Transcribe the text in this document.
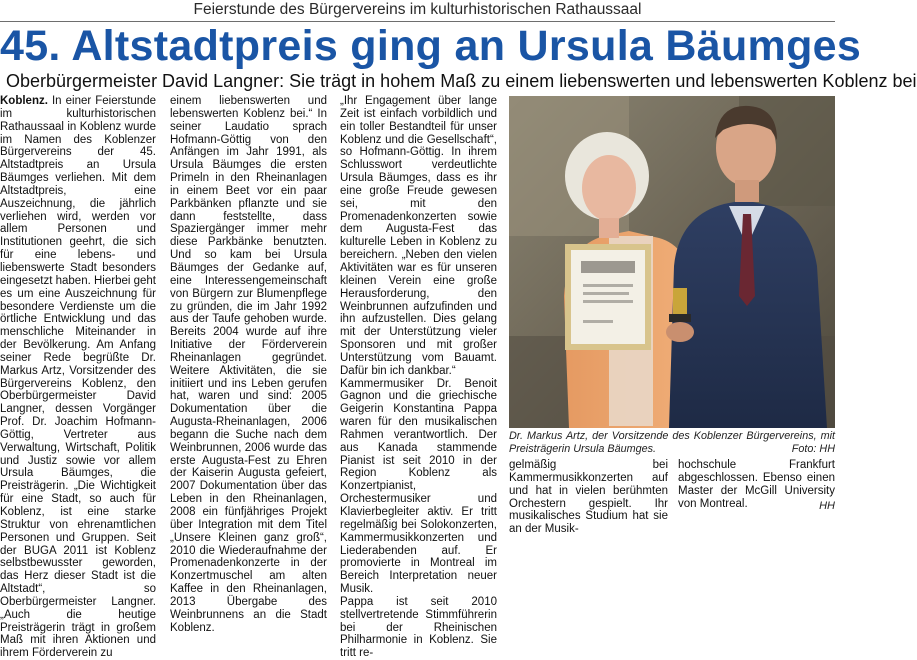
Feierstunde des Bürgervereins im kulturhistorischen Rathaussaal
45. Altstadtpreis ging an Ursula Bäumges
Oberbürgermeister David Langner: Sie trägt in hohem Maß zu einem liebenswerten und lebenswerten Koblenz bei

Koblenz. In einer Feierstunde im kulturhistorischen Rathaussaal in Koblenz wurde im Namen des Koblenzer Bürgervereins der 45. Altstadtpreis an Ursula Bäumges verliehen. Mit dem Altstadtpreis, eine Auszeichnung, die jährlich verliehen wird, werden vor allem Personen und Institutionen geehrt, die sich für eine lebens- und liebenswerte Stadt besonders eingesetzt haben. Hierbei geht es um eine Auszeichnung für besondere Verdienste um die örtliche Entwicklung und das menschliche Miteinander in der Bevölkerung. Am Anfang seiner Rede begrüßte Dr. Markus Artz, Vorsitzender des Bürgervereins Koblenz, den Oberbürgermeister David Langner, dessen Vorgänger Prof. Dr. Joachim Hofmann-Göttig, Vertreter aus Verwaltung, Wirtschaft, Politik und Justiz sowie vor allem Ursula Bäumges, die Preisträgerin. „Die Wichtigkeit für eine Stadt, so auch für Koblenz, ist eine starke Struktur von ehrenamtlichen Personen und Gruppen. Seit der BUGA 2011 ist Koblenz selbstbewusster geworden, das Herz dieser Stadt ist die Altstadt“, so Oberbürgermeister Langner. „Auch die heutige Preisträgerin trägt in großem Maß mit ihren Aktionen und ihrem Förderverein zu

einem liebenswerten und lebenswerten Koblenz bei.“ In seiner Laudatio sprach Hofmann-Göttig von den Anfängen im Jahr 1991, als Ursula Bäumges die ersten Primeln in den Rheinanlagen in einem Beet vor ein paar Parkbänken pflanzte und sie dann feststellte, dass Spaziergänger immer mehr diese Parkbänke benutzten. Und so kam bei Ursula Bäumges der Gedanke auf, eine Interessengemeinschaft von Bürgern zur Blumenpflege zu gründen, die im Jahr 1992 aus der Taufe gehoben wurde. Bereits 2004 wurde auf ihre Initiative der Förderverein Rheinanlagen gegründet. Weitere Aktivitäten, die sie initiiert und ins Leben gerufen hat, waren und sind: 2005 Dokumentation über die Augusta-Rheinanlagen, 2006 begann die Suche nach dem Weinbrunnen, 2006 wurde das erste Augusta-Fest zu Ehren der Kaiserin Augusta gefeiert, 2007 Dokumentation über das Leben in den Rheinanlagen, 2008 ein fünfjähriges Projekt über Integration mit dem Titel „Unsere Kleinen ganz groß“, 2010 die Wiederaufnahme der Promenadenkonzerte in der Konzertmuschel am alten Kaffee in den Rheinanlagen, 2013 Übergabe des Weinbrunnens an die Stadt Koblenz.

„Ihr Engagement über lange Zeit ist einfach vorbildlich und ein toller Bestandteil für unser Koblenz und die Gesellschaft“, so Hofmann-Göttig. In ihrem Schlusswort verdeutlichte Ursula Bäumges, dass es ihr eine große Freude gewesen sei, mit den Promenadenkonzerten sowie dem Augusta-Fest das kulturelle Leben in Koblenz zu bereichern. „Neben den vielen Aktivitäten war es für unseren kleinen Verein eine große Herausforderung, den Weinbrunnen aufzufinden und ihn aufzustellen. Dies gelang mit der Unterstützung vieler Sponsoren und mit großer Unterstützung vom Bauamt. Dafür bin ich dankbar.“

Kammermusiker Dr. Benoit Gagnon und die griechische Geigerin Konstantina Pappa waren für den musikalischen Rahmen verantwortlich. Der aus Kanada stammende Pianist ist seit 2010 in der Region Koblenz als Konzertpianist, Orchestermusiker und Klavierbegleiter aktiv. Er tritt regelmäßig bei Solokonzerten, Kammermusikkonzerten und Liederabenden auf. Er promovierte in Montreal im Bereich Interpretation neuer Musik.

Pappa ist seit 2010 stellvertretende Stimmführerin bei der Rheinischen Philharmonie in Koblenz. Sie tritt re-

Dr. Markus Artz, der Vorsitzende des Koblenzer Bürgervereins, mit Preisträgerin Ursula Bäumges.	Foto: HH

gelmäßig bei Kammermusikkonzerten auf und hat in vielen berühmten Orchestern gespielt. Ihr musikalisches Studium hat sie an der Musik-

hochschule Frankfurt abgeschlossen. Ebenso einen Master der McGill University von Montreal.	HH
